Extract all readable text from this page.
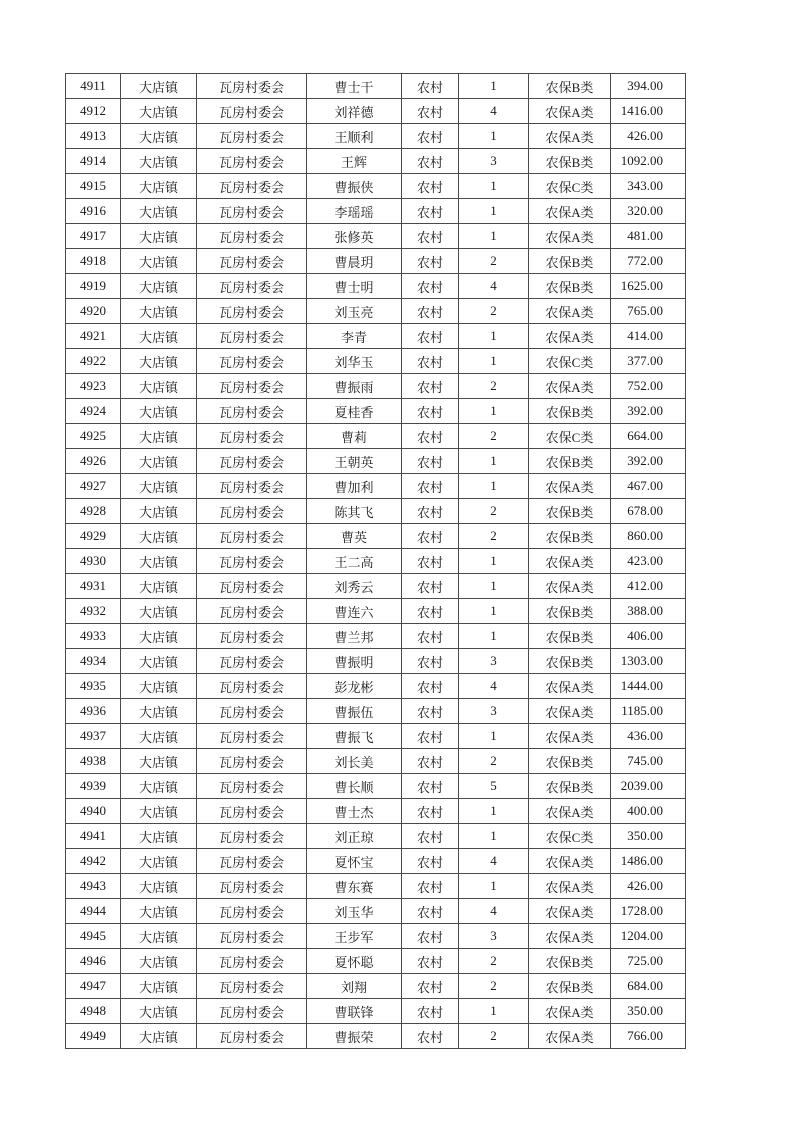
4911	大店镇	瓦房村委会	曹士干	农村	1	农保B类	394.00
4912	大店镇	瓦房村委会	刘祥德	农村	4	农保A类	1416.00
4913	大店镇	瓦房村委会	王顺利	农村	1	农保A类	426.00
4914	大店镇	瓦房村委会	王辉	农村	3	农保B类	1092.00
4915	大店镇	瓦房村委会	曹振侠	农村	1	农保C类	343.00
4916	大店镇	瓦房村委会	李瑶瑶	农村	1	农保A类	320.00
4917	大店镇	瓦房村委会	张修英	农村	1	农保A类	481.00
4918	大店镇	瓦房村委会	曹晨玥	农村	2	农保B类	772.00
4919	大店镇	瓦房村委会	曹士明	农村	4	农保B类	1625.00
4920	大店镇	瓦房村委会	刘玉亮	农村	2	农保A类	765.00
4921	大店镇	瓦房村委会	李青	农村	1	农保A类	414.00
4922	大店镇	瓦房村委会	刘华玉	农村	1	农保C类	377.00
4923	大店镇	瓦房村委会	曹振雨	农村	2	农保A类	752.00
4924	大店镇	瓦房村委会	夏桂香	农村	1	农保B类	392.00
4925	大店镇	瓦房村委会	曹莉	农村	2	农保C类	664.00
4926	大店镇	瓦房村委会	王朝英	农村	1	农保B类	392.00
4927	大店镇	瓦房村委会	曹加利	农村	1	农保A类	467.00
4928	大店镇	瓦房村委会	陈其飞	农村	2	农保B类	678.00
4929	大店镇	瓦房村委会	曹英	农村	2	农保B类	860.00
4930	大店镇	瓦房村委会	王二高	农村	1	农保A类	423.00
4931	大店镇	瓦房村委会	刘秀云	农村	1	农保A类	412.00
4932	大店镇	瓦房村委会	曹连六	农村	1	农保B类	388.00
4933	大店镇	瓦房村委会	曹兰邦	农村	1	农保B类	406.00
4934	大店镇	瓦房村委会	曹振明	农村	3	农保B类	1303.00
4935	大店镇	瓦房村委会	彭龙彬	农村	4	农保A类	1444.00
4936	大店镇	瓦房村委会	曹振伍	农村	3	农保A类	1185.00
4937	大店镇	瓦房村委会	曹振飞	农村	1	农保A类	436.00
4938	大店镇	瓦房村委会	刘长美	农村	2	农保B类	745.00
4939	大店镇	瓦房村委会	曹长顺	农村	5	农保B类	2039.00
4940	大店镇	瓦房村委会	曹士杰	农村	1	农保A类	400.00
4941	大店镇	瓦房村委会	刘正琼	农村	1	农保C类	350.00
4942	大店镇	瓦房村委会	夏怀宝	农村	4	农保A类	1486.00
4943	大店镇	瓦房村委会	曹东赛	农村	1	农保A类	426.00
4944	大店镇	瓦房村委会	刘玉华	农村	4	农保A类	1728.00
4945	大店镇	瓦房村委会	王步军	农村	3	农保A类	1204.00
4946	大店镇	瓦房村委会	夏怀聪	农村	2	农保B类	725.00
4947	大店镇	瓦房村委会	刘翔	农村	2	农保B类	684.00
4948	大店镇	瓦房村委会	曹联锋	农村	1	农保A类	350.00
4949	大店镇	瓦房村委会	曹振荣	农村	2	农保A类	766.00
